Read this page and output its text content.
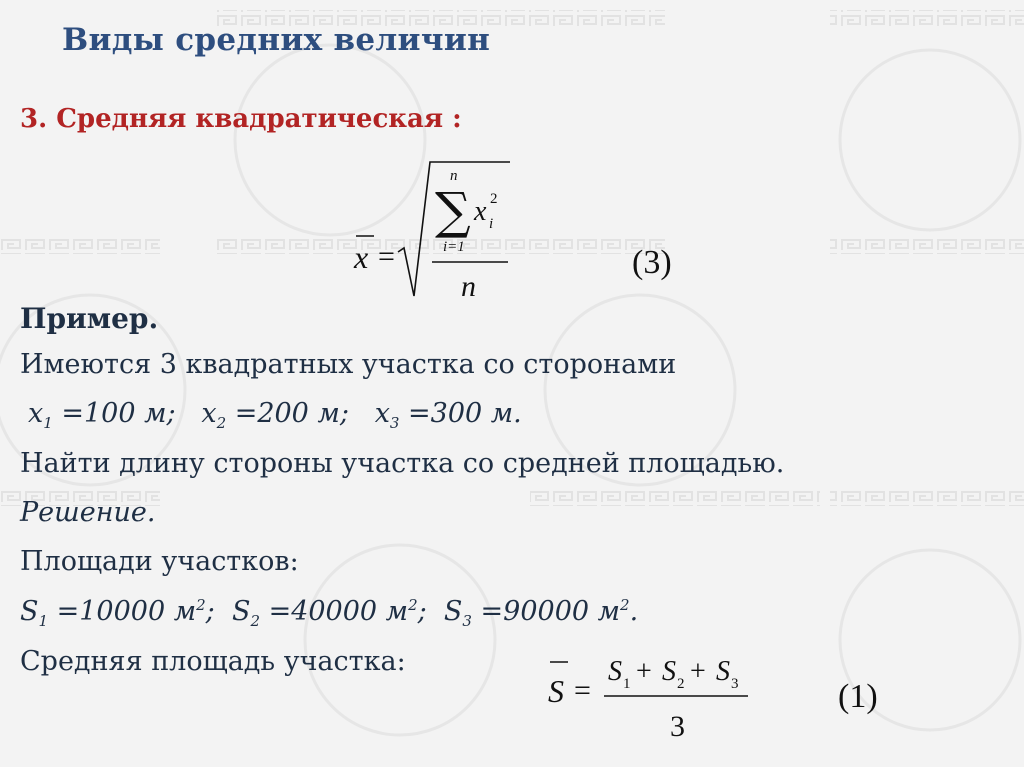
Виды средних величин
3. Средняя квадратическая :
x =
n
∑
i=1
x 2
i
n
(3)
Пример.
Имеются 3 квадратных участка со сторонами
$x_1 =100$ м; $x_2 =200$ м; $x_3 =300$ м.
Найти длину стороны участка со средней площадью.
Решение.
Площади участков:
$S_1 =10000$ $м^2$; $S_2 =40000$ $м^2$; $S_3 =90000$ $м^2$.
Средняя площадь участка:
S =
S 1 + S 2 + S 3
3
(1)
